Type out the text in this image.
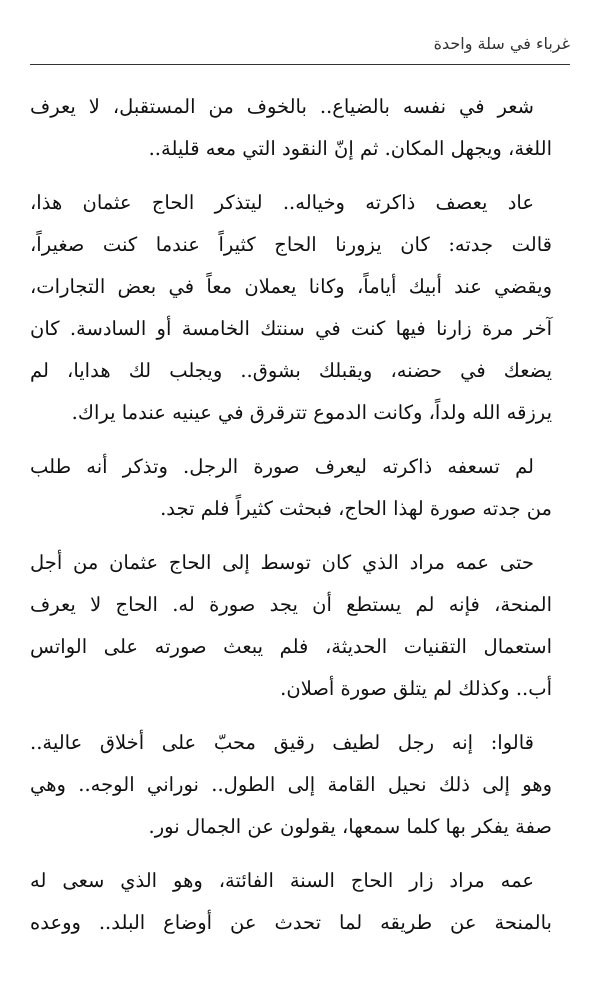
غرباء في سلة واحدة

شعر في نفسه بالضياع.. بالخوف من المستقبل، لا يعرف
اللغة، ويجهل المكان. ثم إنّ النقود التي معه قليلة..

عاد يعصف ذاكرته وخياله.. ليتذكر الحاج عثمان هذا،
قالت جدته: كان يزورنا الحاج كثيراً عندما كنت صغيراً،
ويقضي عند أبيك أياماً، وكانا يعملان معاً في بعض التجارات،
آخر مرة زارنا فيها كنت في سنتك الخامسة أو السادسة. كان
يضعك في حضنه، ويقبلك بشوق.. ويجلب لك هدايا، لم
يرزقه الله ولداً، وكانت الدموع تترقرق في عينيه عندما يراك.

لم تسعفه ذاكرته ليعرف صورة الرجل. وتذكر أنه طلب
من جدته صورة لهذا الحاج، فبحثت كثيراً فلم تجد.

حتى عمه مراد الذي كان توسط إلى الحاج عثمان من أجل
المنحة، فإنه لم يستطع أن يجد صورة له. الحاج لا يعرف
استعمال التقنيات الحديثة، فلم يبعث صورته على الواتس
أب.. وكذلك لم يتلق صورة أصلان.

قالوا: إنه رجل لطيف رقيق محبّ على أخلاق عالية..
وهو إلى ذلك نحيل القامة إلى الطول.. نوراني الوجه.. وهي
صفة يفكر بها كلما سمعها، يقولون عن الجمال نور.

عمه مراد زار الحاج السنة الفائتة، وهو الذي سعى له
بالمنحة عن طريقه لما تحدث عن أوضاع البلد.. ووعده
